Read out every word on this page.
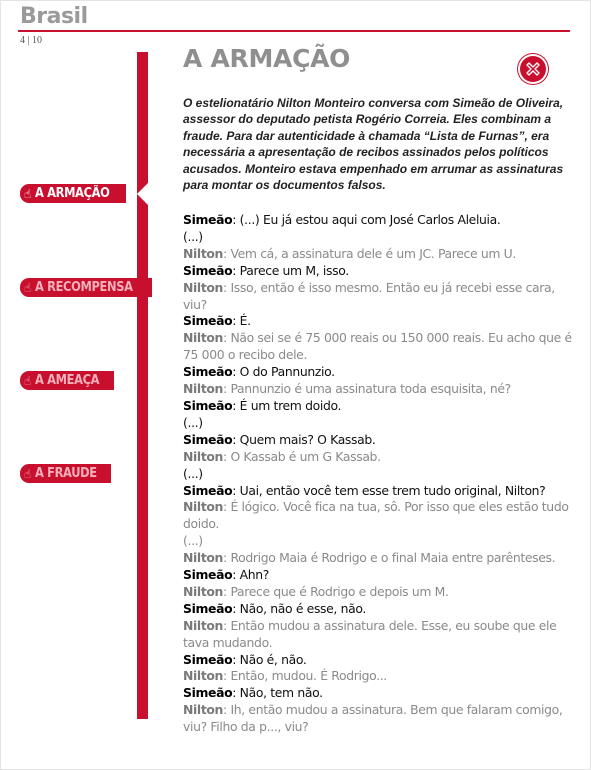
Brasil
4 | 10
☝ A ARMAÇÃO
☝ A RECOMPENSA
☝ A AMEAÇA
☝ A FRAUDE
A ARMAÇÃO

O estelionatário Nilton Monteiro conversa com Simeão de Oliveira, assessor do deputado petista Rogério Correia. Eles combinam a fraude. Para dar autenticidade à chamada “Lista de Furnas”, era necessária a apresentação de recibos assinados pelos políticos acusados. Monteiro estava empenhado em arrumar as assinaturas para montar os documentos falsos.

Simeão: (...) Eu já estou aqui com José Carlos Aleluia.

(...)

Nilton: Vem cá, a assinatura dele é um JC. Parece um U.

Simeão: Parece um M, isso.

Nilton: Isso, então é isso mesmo. Então eu já recebi esse cara, viu?

Simeão: É.

Nilton: Não sei se é 75 000 reais ou 150 000 reais. Eu acho que é 75 000 o recibo dele.

Simeão: O do Pannunzio.

Nilton: Pannunzio é uma assinatura toda esquisita, né?

Simeão: É um trem doido.

(...)

Simeão: Quem mais? O Kassab.

Nilton: O Kassab é um G Kassab.

(...)

Simeão: Uai, então você tem esse trem tudo original, Nilton?

Nilton: É lógico. Você fica na tua, sô. Por isso que eles estão tudo doido.

(...)

Nilton: Rodrigo Maia é Rodrigo e o final Maia entre parênteses.

Simeão: Ahn?

Nilton: Parece que é Rodrigo e depois um M.

Simeão: Não, não é esse, não.

Nilton: Então mudou a assinatura dele. Esse, eu soube que ele tava mudando.

Simeão: Não é, não.

Nilton: Então, mudou. É Rodrigo...

Simeão: Não, tem não.

Nilton: Ih, então mudou a assinatura. Bem que falaram comigo, viu? Filho da p..., viu?
